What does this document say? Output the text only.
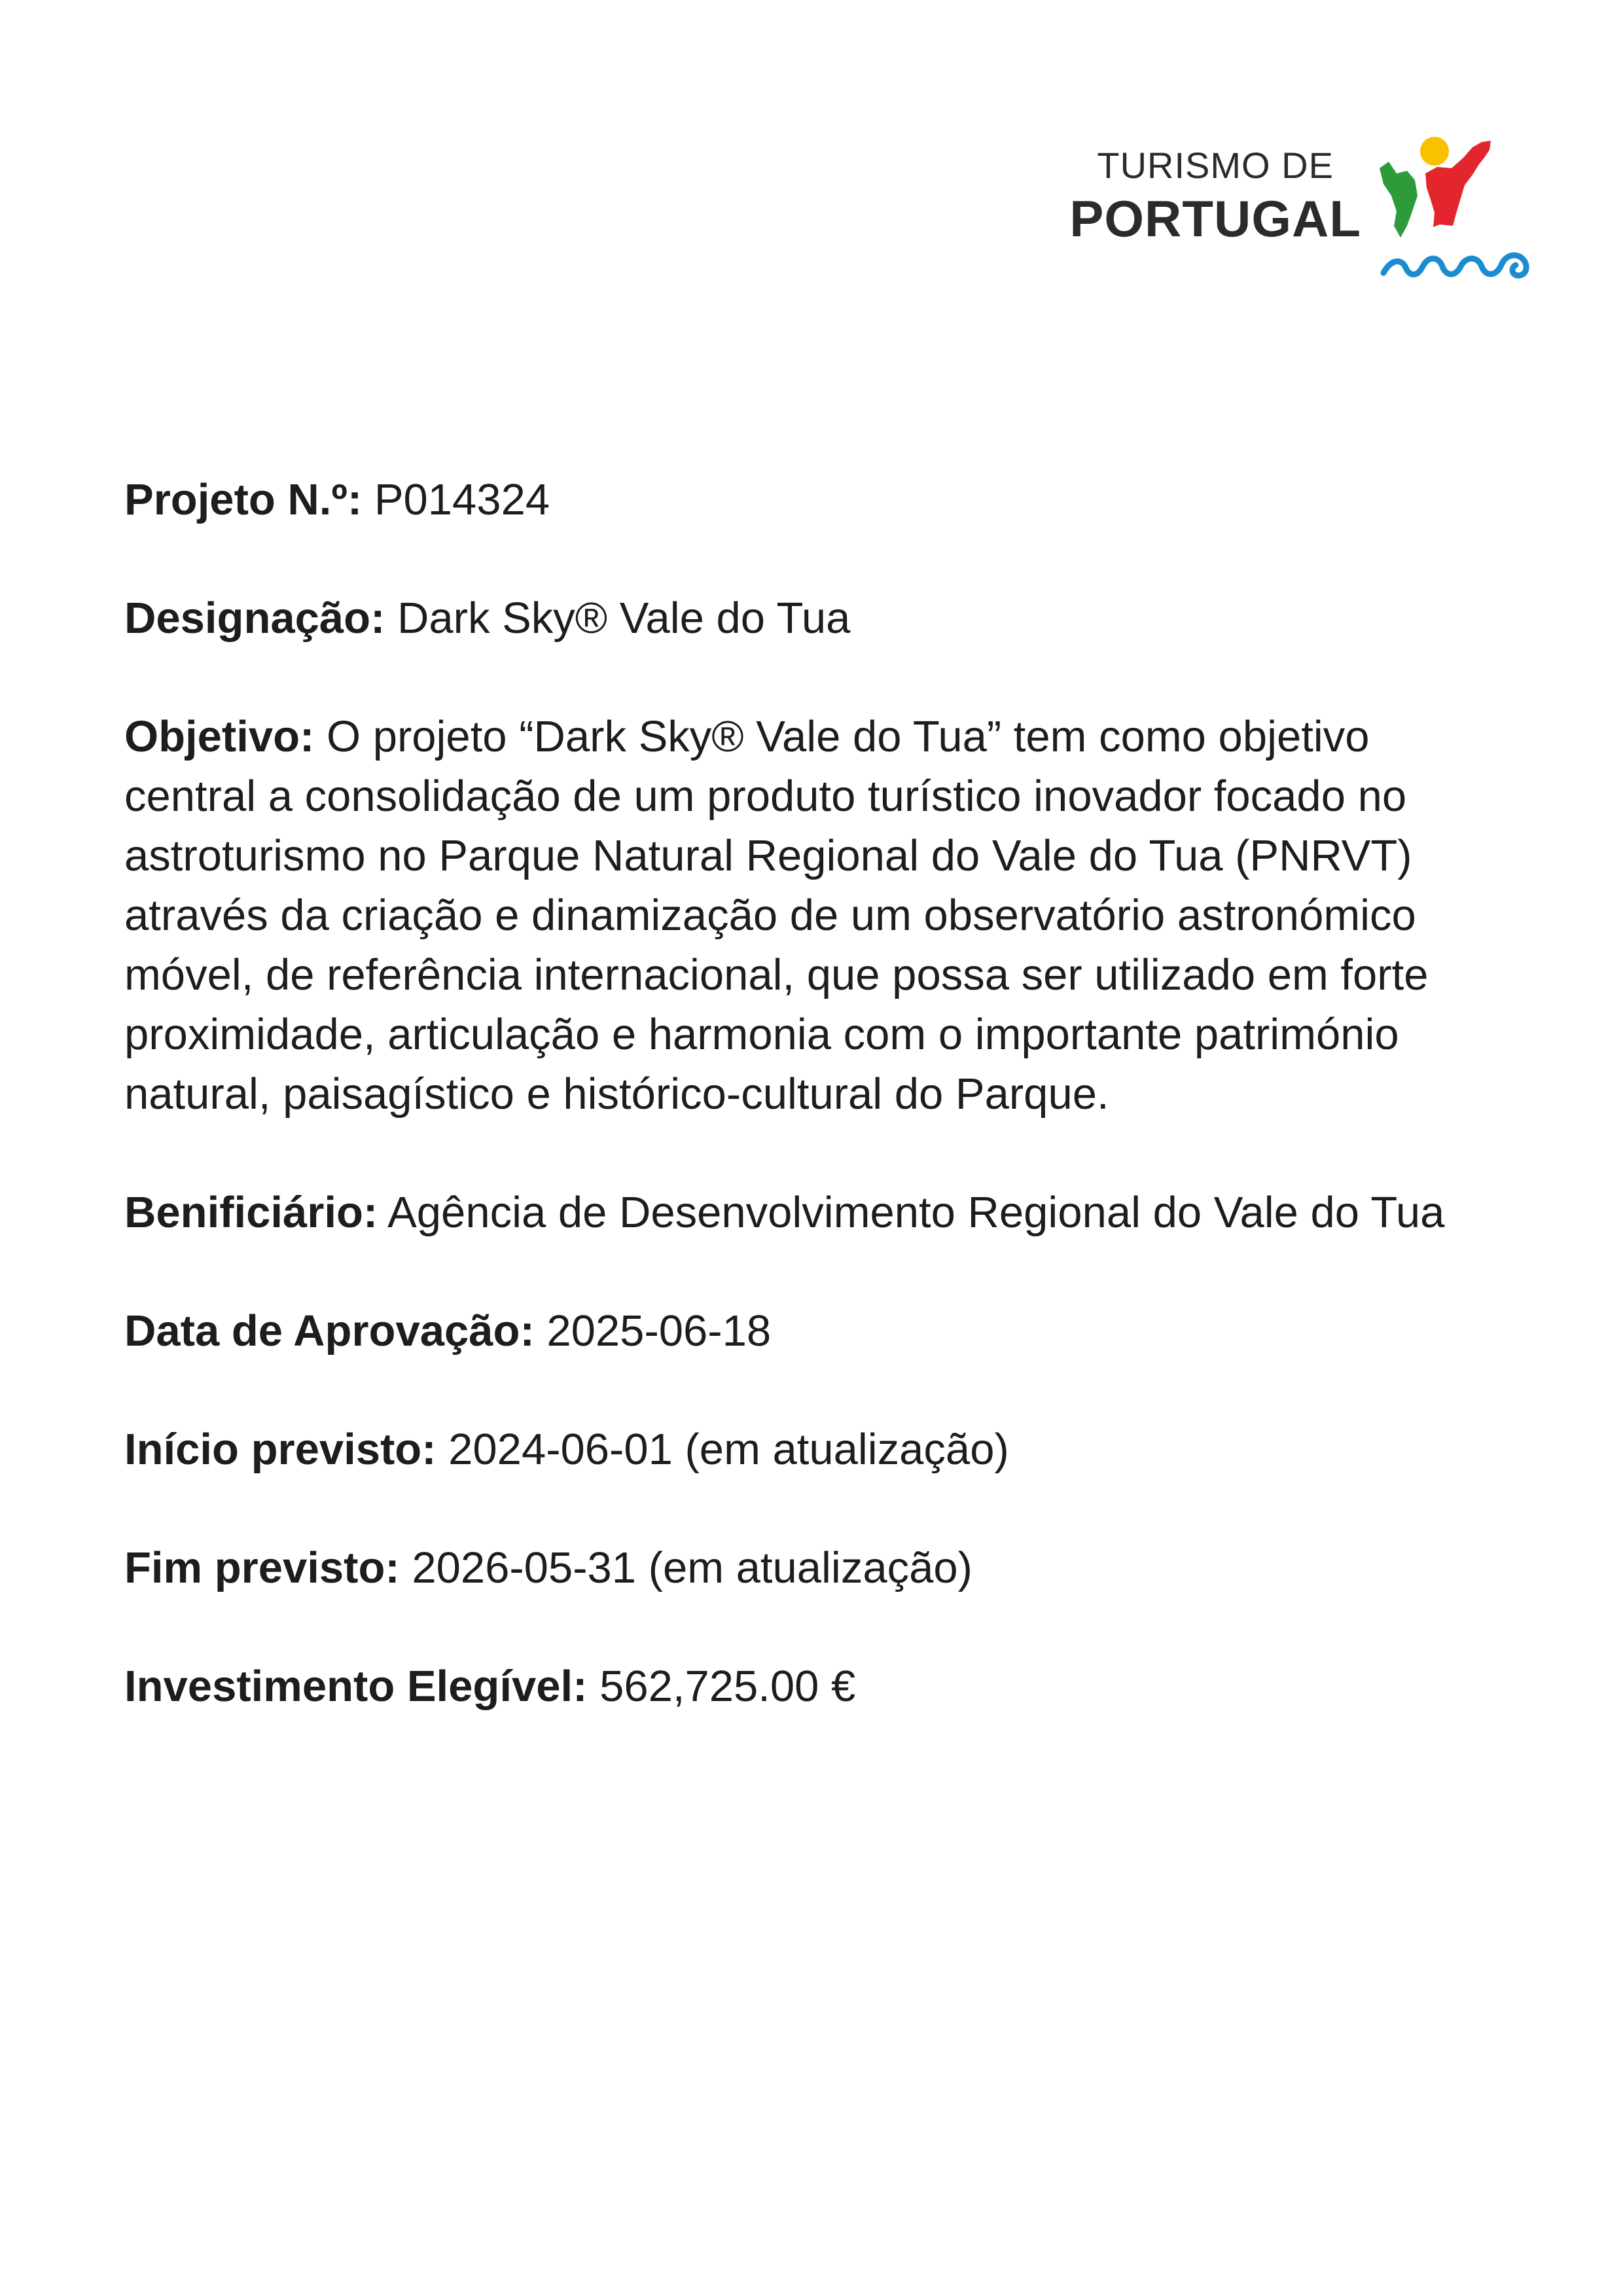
TURISMO DE
PORTUGAL

Projeto N.º: P014324

Designação: Dark Sky® Vale do Tua

Objetivo: O projeto “Dark Sky® Vale do Tua” tem como objetivo central a consolidação de um produto turístico inovador focado no astroturismo no Parque Natural Regional do Vale do Tua (PNRVT) através da criação e dinamização de um observatório astronómico móvel, de referência internacional, que possa ser utilizado em forte proximidade, articulação e harmonia com o importante património natural, paisagístico e histórico-cultural do Parque.

Benificiário: Agência de Desenvolvimento Regional do Vale do Tua

Data de Aprovação: 2025-06-18

Início previsto: 2024-06-01 (em atualização)

Fim previsto: 2026-05-31 (em atualização)

Investimento Elegível: 562,725.00 €
